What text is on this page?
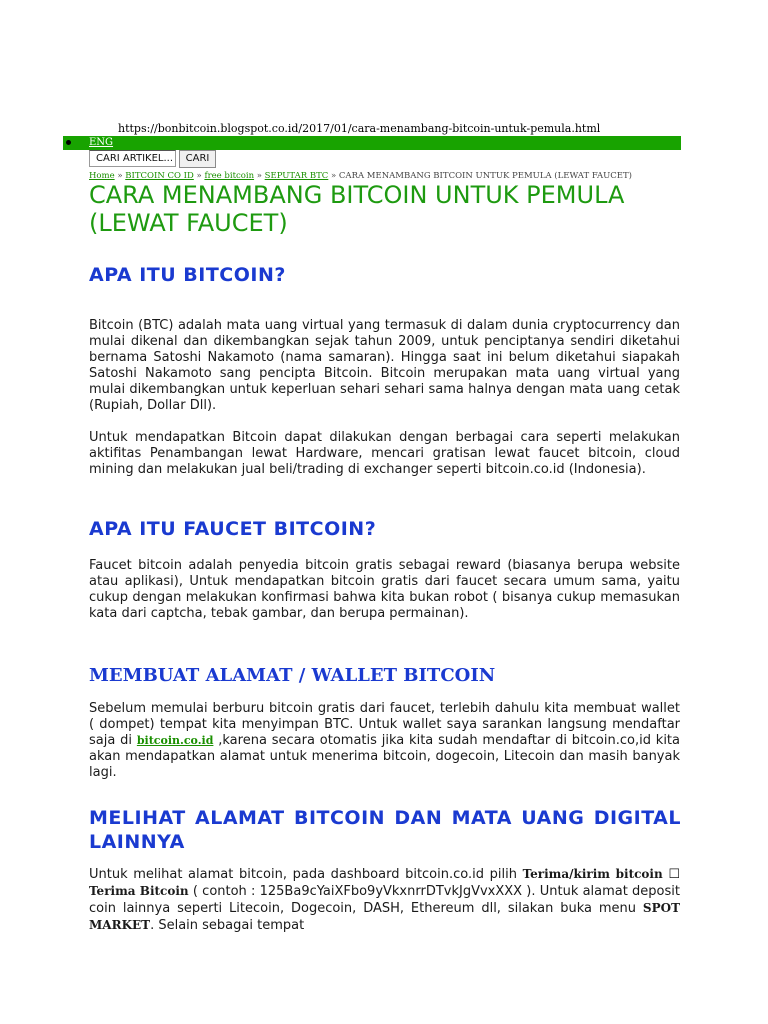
https://bonbitcoin.blogspot.co.id/2017/01/cara-menambang-bitcoin-untuk-pemula.html
ENG
CARI ARTIKEL...	CARI
Home » BITCOIN CO ID » free bitcoin » SEPUTAR BTC » CARA MENAMBANG BITCOIN UNTUK PEMULA (LEWAT FAUCET)
CARA MENAMBANG BITCOIN UNTUK PEMULA (LEWAT FAUCET)
APA ITU BITCOIN?

Bitcoin (BTC) adalah mata uang virtual yang termasuk di dalam dunia cryptocurrency dan mulai dikenal dan dikembangkan sejak tahun 2009, untuk penciptanya sendiri diketahui bernama Satoshi Nakamoto (nama samaran). Hingga saat ini belum diketahui siapakah Satoshi Nakamoto sang pencipta Bitcoin. Bitcoin merupakan mata uang virtual yang mulai dikembangkan untuk keperluan sehari sehari sama halnya dengan mata uang cetak (Rupiah, Dollar Dll).

Untuk mendapatkan Bitcoin dapat dilakukan dengan berbagai cara seperti melakukan aktifitas Penambangan lewat Hardware, mencari gratisan lewat faucet bitcoin, cloud mining dan melakukan jual beli/trading di exchanger seperti bitcoin.co.id (Indonesia).

APA ITU FAUCET BITCOIN?

Faucet bitcoin adalah penyedia bitcoin gratis sebagai reward (biasanya berupa website atau aplikasi), Untuk mendapatkan bitcoin gratis dari faucet secara umum sama, yaitu cukup dengan melakukan konfirmasi bahwa kita bukan robot ( bisanya cukup memasukan kata dari captcha, tebak gambar, dan berupa permainan).

MEMBUAT ALAMAT / WALLET BITCOIN

Sebelum memulai berburu bitcoin gratis dari faucet, terlebih dahulu kita membuat wallet ( dompet) tempat kita menyimpan BTC. Untuk wallet saya sarankan langsung mendaftar saja di bitcoin.co.id ,karena secara otomatis jika kita sudah mendaftar di bitcoin.co,id kita akan mendapatkan alamat untuk menerima bitcoin, dogecoin, Litecoin dan masih banyak lagi.

MELIHAT ALAMAT BITCOIN DAN MATA UANG DIGITAL LAINNYA

Untuk melihat alamat bitcoin, pada dashboard bitcoin.co.id pilih Terima/kirim bitcoin ☐ Terima Bitcoin ( contoh : 125Ba9cYaiXFbo9yVkxnrrDTvkJgVvxXXX ). Untuk alamat deposit coin lainnya seperti Litecoin, Dogecoin, DASH, Ethereum dll, silakan buka menu SPOT MARKET. Selain sebagai tempat
